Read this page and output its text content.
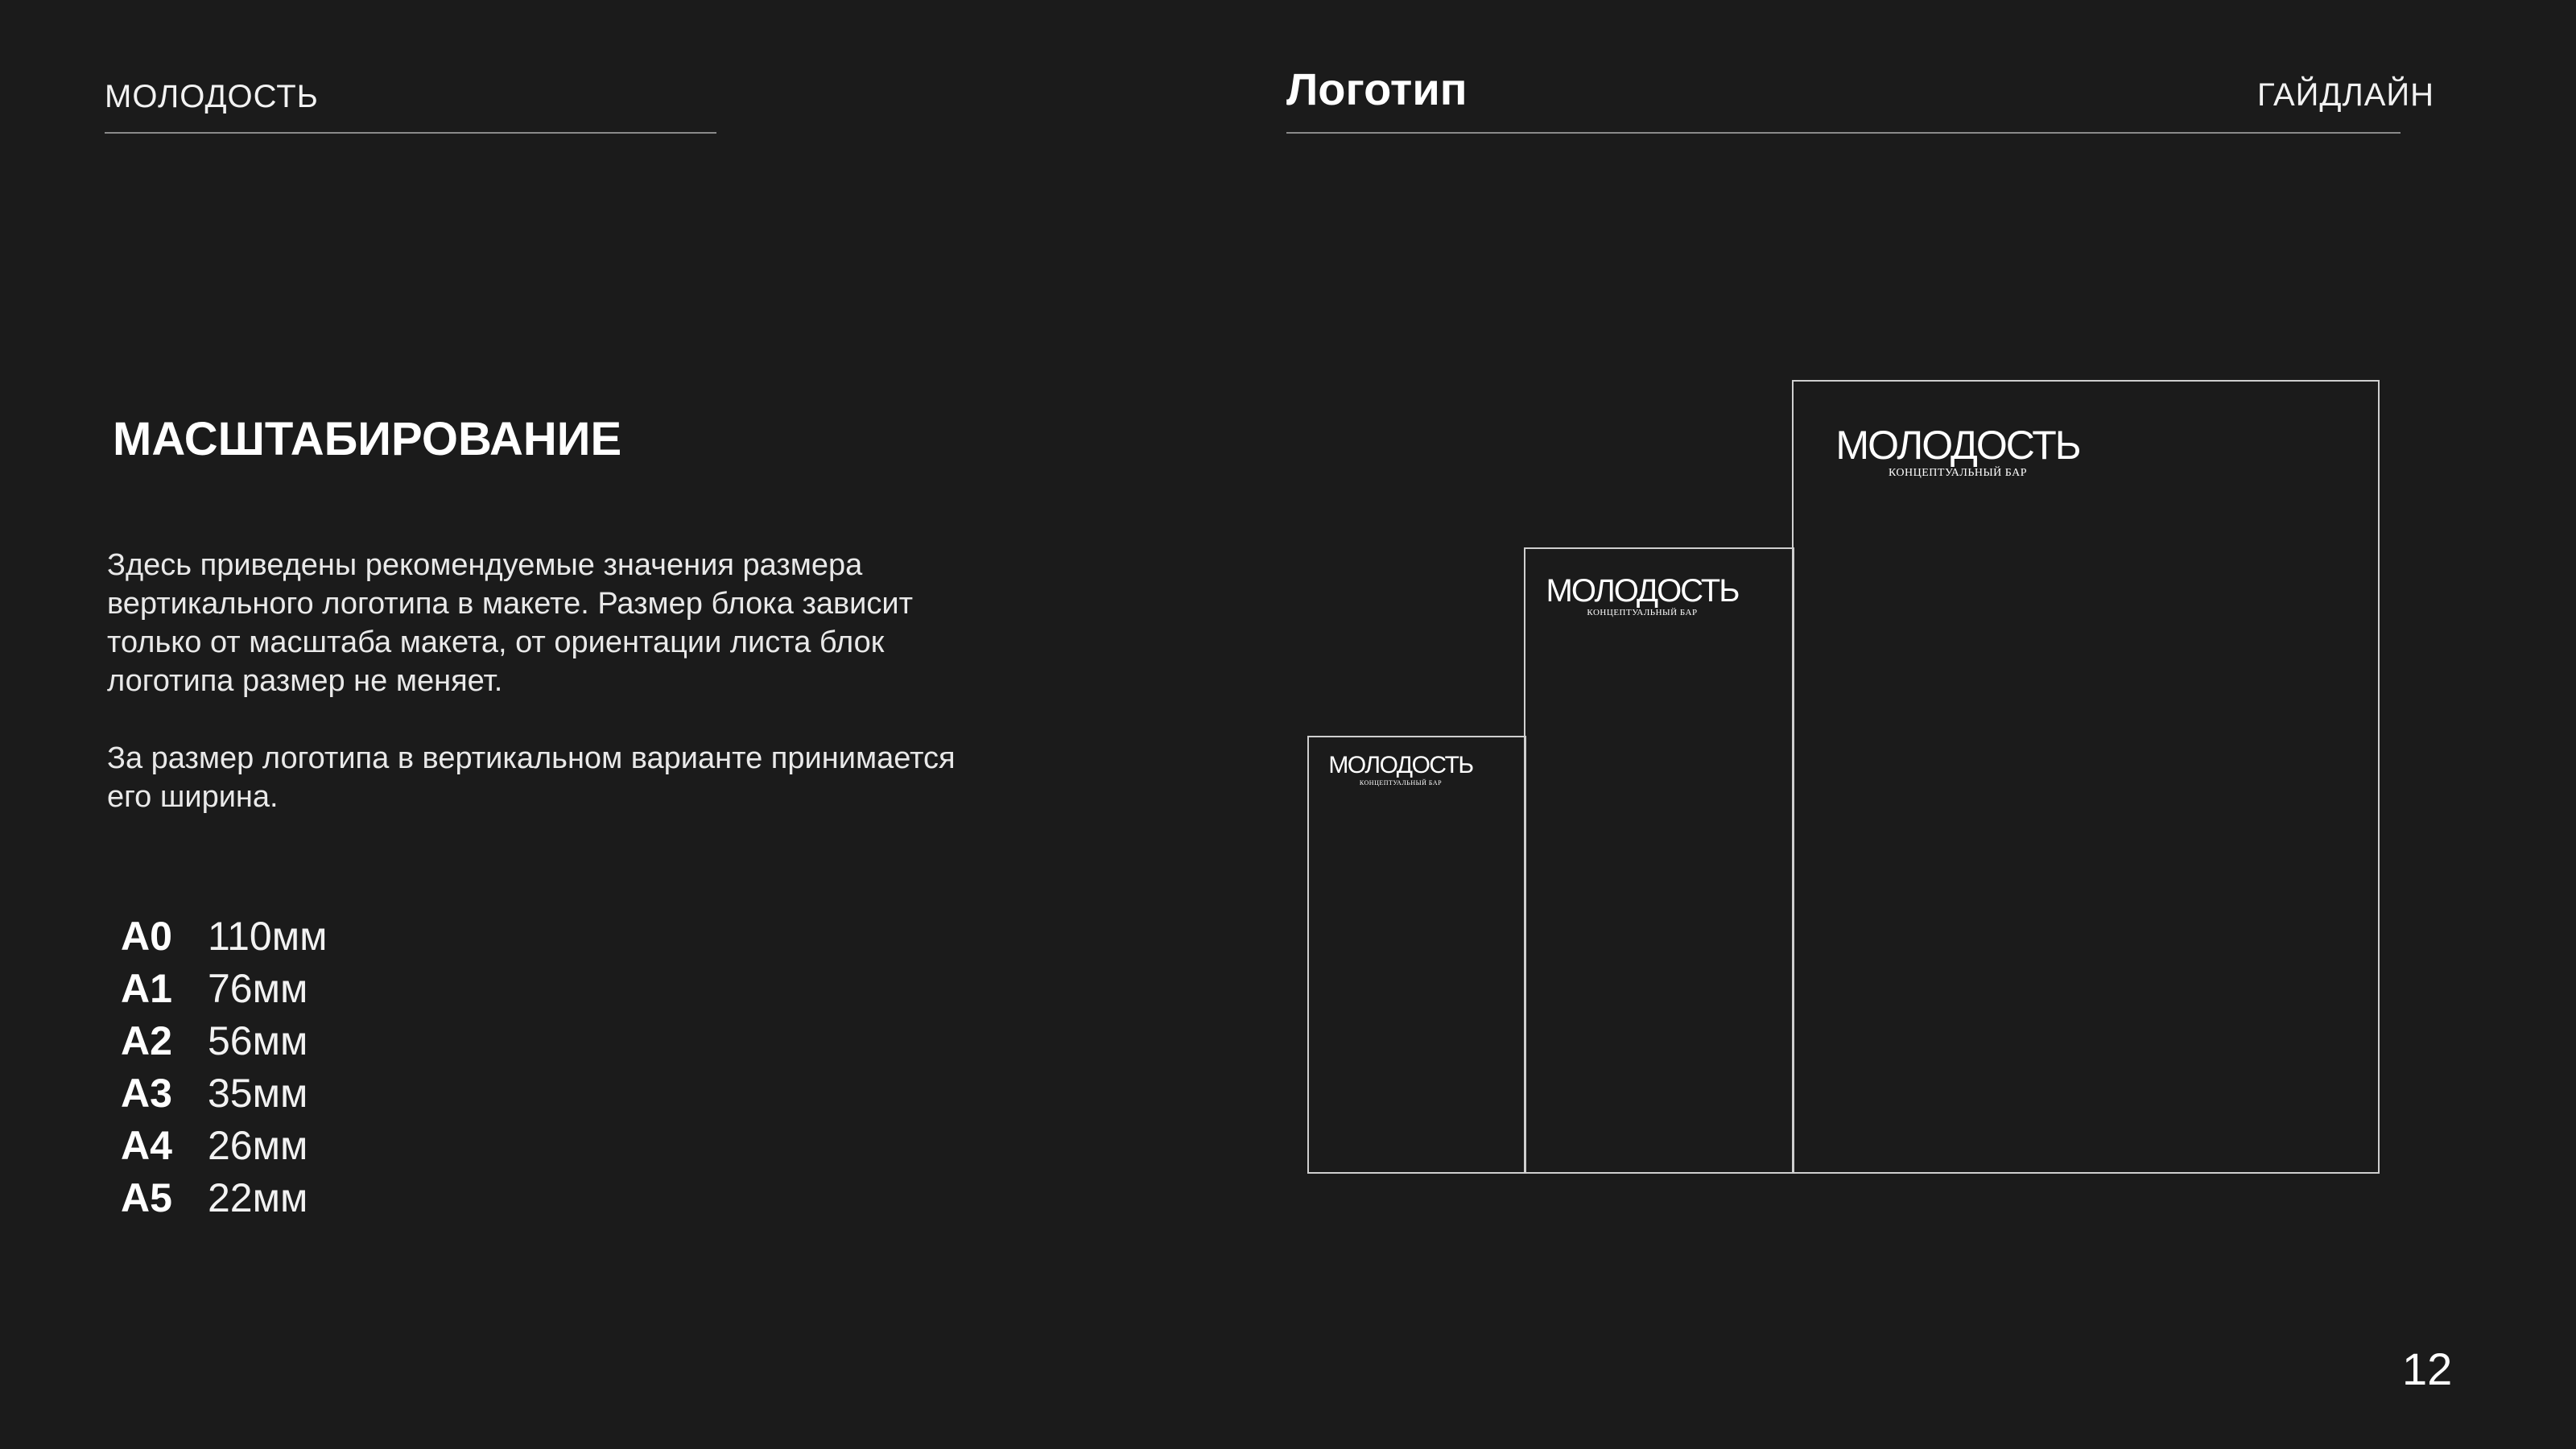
МОЛОДОСТЬ	Логотип	ГАЙДЛАЙН
МАСШТАБИРОВАНИЕ
Здесь приведены рекомендуемые значения размера вертикального логотипа в макете. Размер блока зависит только от масштаба макета, от ориентации листа блок логотипа размер не меняет.
За размер логотипа в вертикальном варианте принимается его ширина.
A0 110мм
A1 76мм
A2 56мм
A3 35мм
A4 26мм
A5 22мм
МОЛОДОСТЬ
КОНЦЕПТУАЛЬНЫЙ БАР
МОЛОДОСТЬ
КОНЦЕПТУАЛЬНЫЙ БАР
МОЛОДОСТЬ
КОНЦЕПТУАЛЬНЫЙ БАР
12
